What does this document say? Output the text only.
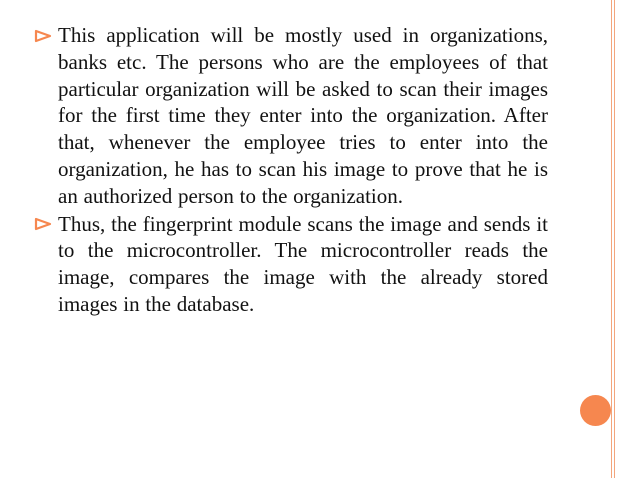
This application will be mostly used in organizations, banks etc. The persons who are the employees of that particular organization will be asked to scan their images for the first time they enter into the organization. After that, whenever the employee tries to enter into the organization, he has to scan his image to prove that he is an authorized person to the organization.
Thus, the fingerprint module scans the image and sends it to the microcontroller. The microcontroller reads the image, compares the image with the already stored images in the database.
